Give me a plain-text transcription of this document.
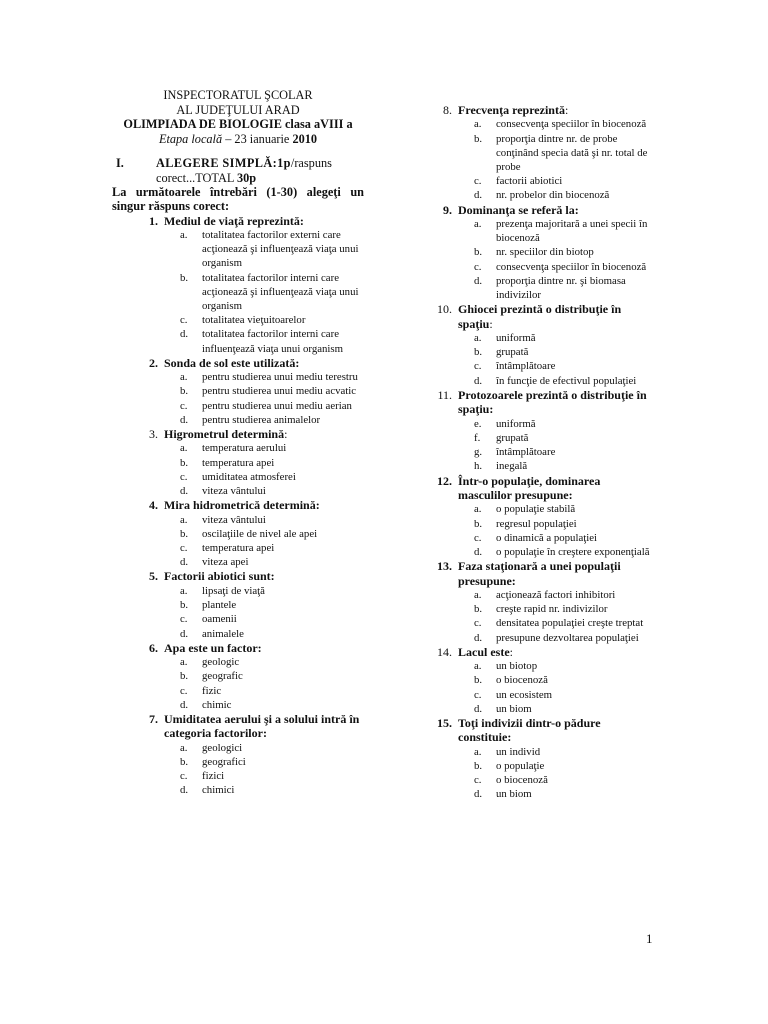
INSPECTORATUL ŞCOLAR
AL JUDEŢULUI ARAD
OLIMPIADA DE BIOLOGIE clasa aVIII a
Etapa locală – 23 ianuarie 2010
I.	ALEGERE SIMPLĂ:1p/raspuns
corect...TOTAL 30p
La următoarele întrebări (1-30) alegeţi un singur răspuns corect:
1. Mediul de viaţă reprezintă:
a.	totalitatea factorilor externi care acţionează şi influenţează viaţa unui organism
b.	totalitatea factorilor interni care acţionează şi influenţează viaţa unui organism
c.	totalitatea vieţuitoarelor
d.	totalitatea factorilor interni care influenţează viaţa unui organism
2. Sonda de sol este utilizată:
a.	pentru studierea unui mediu terestru
b.	pentru studierea unui mediu acvatic
c.	pentru studierea unui mediu aerian
d.	pentru studierea animalelor
3. Higrometrul determină:
a.	temperatura aerului
b.	temperatura apei
c.	umiditatea atmosferei
d.	viteza vântului
4. Mira hidrometrică determină:
a.	viteza vântului
b.	oscilaţiile de nivel ale apei
c.	temperatura apei
d.	viteza apei
5. Factorii abiotici sunt:
a.	lipsaţi de viaţă
b.	plantele
c.	oamenii
d.	animalele
6. Apa este un factor:
a.	geologic
b.	geografic
c.	fizic
d.	chimic
7. Umiditatea aerului şi a solului intră în categoria factorilor:
a.	geologici
b.	geografici
c.	fizici
d.	chimici
8. Frecvenţa reprezintă:
a.	consecvenţa speciilor în biocenoză
b.	proporţia dintre nr. de probe conţinând specia dată şi nr. total de probe
c.	factorii abiotici
d.	nr. probelor din biocenoză
9. Dominanţa se referă la:
a.	prezenţa majoritară a unei specii în biocenoză
b.	nr. speciilor din biotop
c.	consecvenţa speciilor în biocenoză
d.	proporţia dintre nr. şi biomasa indivizilor
10. Ghiocei prezintă o distribuţie în spaţiu:
a.	uniformă
b.	grupată
c.	întâmplătoare
d.	în funcţie de efectivul populaţiei
11. Protozoarele prezintă o distribuţie în spaţiu:
e.	uniformă
f.	grupată
g.	întâmplătoare
h.	inegală
12. Într-o populaţie, dominarea masculilor presupune:
a.	o populaţie stabilă
b.	regresul populaţiei
c.	o dinamică a populaţiei
d.	o populaţie în creştere exponenţială
13. Faza staţionară a unei populaţii presupune:
a.	acţionează factori inhibitori
b.	creşte rapid nr. indivizilor
c.	densitatea populaţiei creşte treptat
d.	presupune dezvoltarea populaţiei
14. Lacul este:
a.	un biotop
b.	o biocenoză
c.	un ecosistem
d.	un biom
15. Toţi indivizii dintr-o pădure constituie:
a.	un individ
b.	o populaţie
c.	o biocenoză
d.	un biom
1
